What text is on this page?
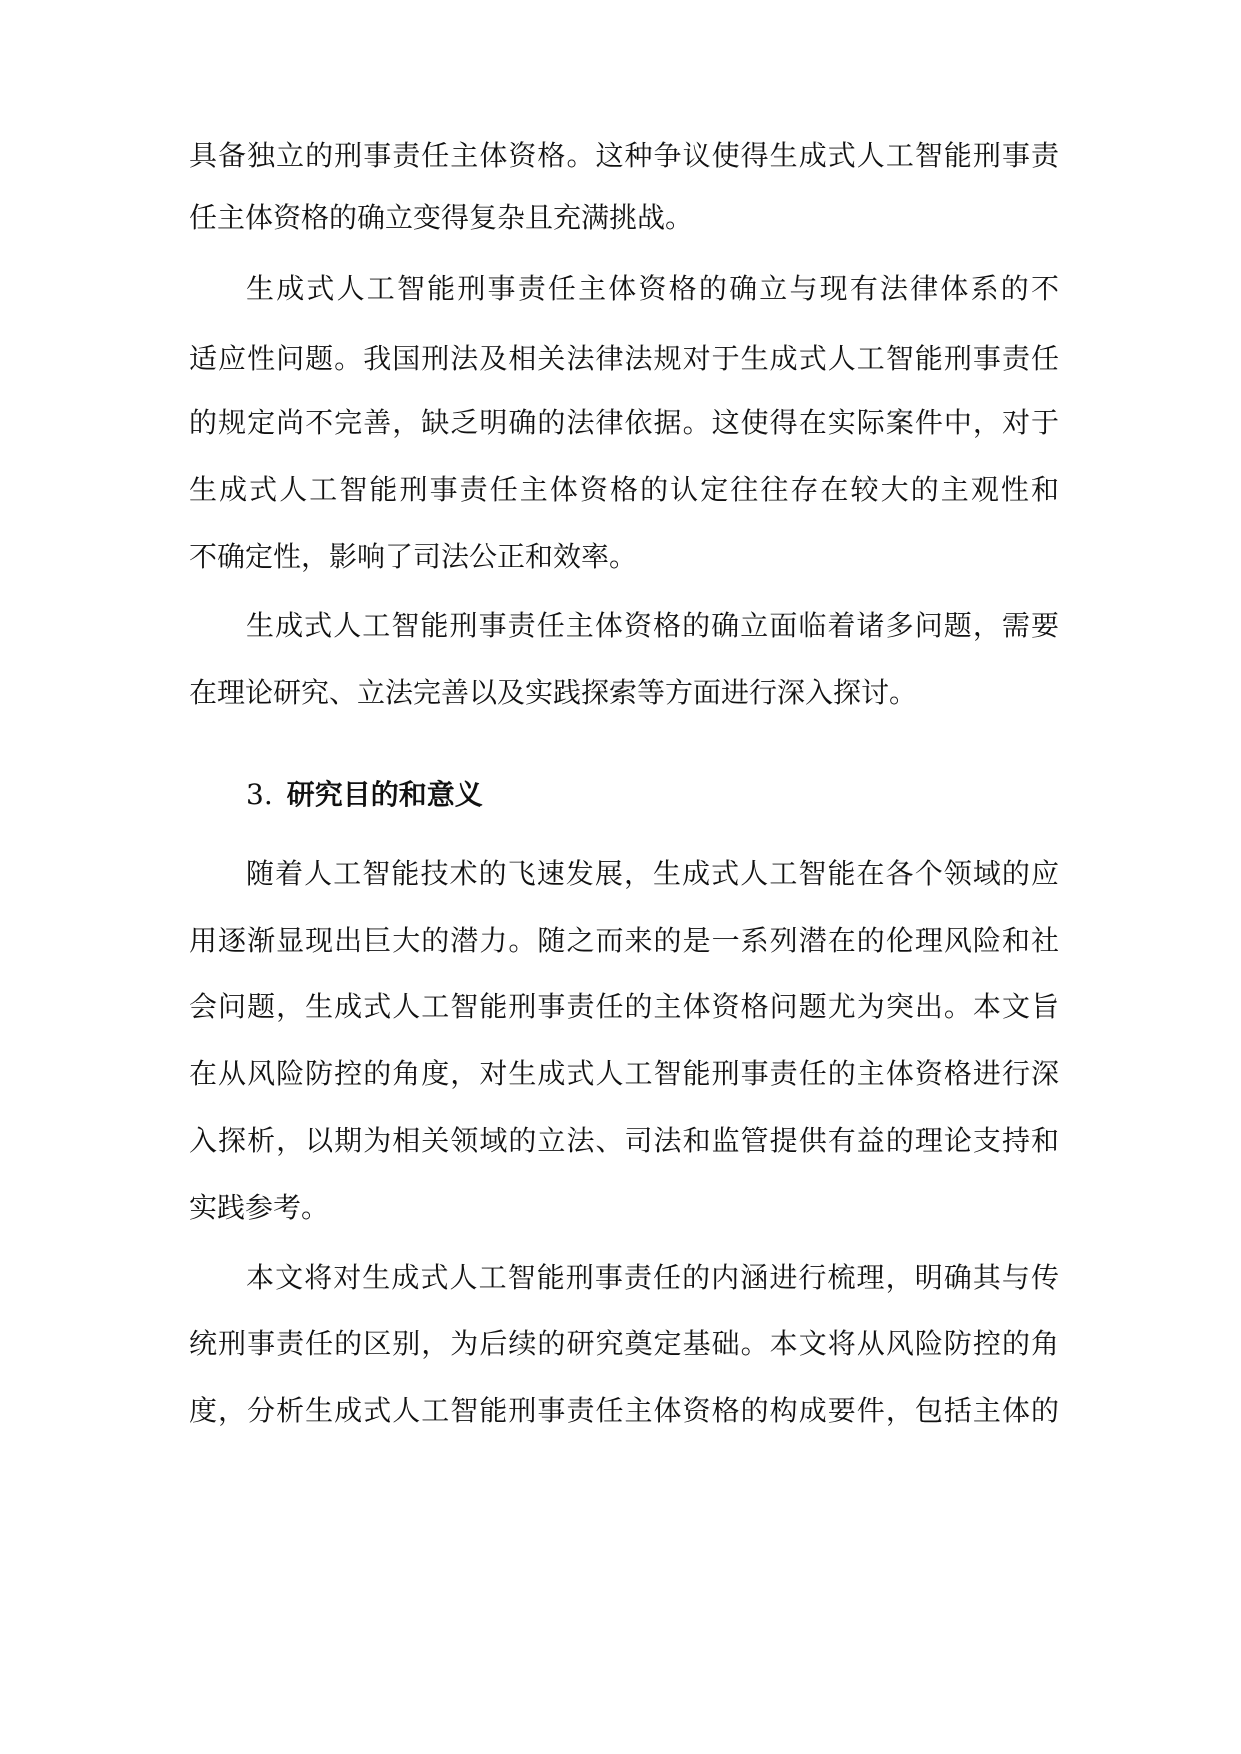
具备独立的刑事责任主体资格。这种争议使得生成式人工智能刑事责
任主体资格的确立变得复杂且充满挑战。
生成式人工智能刑事责任主体资格的确立与现有法律体系的不
适应性问题。我国刑法及相关法律法规对于生成式人工智能刑事责任
的规定尚不完善，缺乏明确的法律依据。这使得在实际案件中，对于
生成式人工智能刑事责任主体资格的认定往往存在较大的主观性和
不确定性，影响了司法公正和效率。
生成式人工智能刑事责任主体资格的确立面临着诸多问题，需要
在理论研究、立法完善以及实践探索等方面进行深入探讨。
3. 研究目的和意义
随着人工智能技术的飞速发展，生成式人工智能在各个领域的应
用逐渐显现出巨大的潜力。随之而来的是一系列潜在的伦理风险和社
会问题，生成式人工智能刑事责任的主体资格问题尤为突出。本文旨
在从风险防控的角度，对生成式人工智能刑事责任的主体资格进行深
入探析，以期为相关领域的立法、司法和监管提供有益的理论支持和
实践参考。
本文将对生成式人工智能刑事责任的内涵进行梳理，明确其与传
统刑事责任的区别，为后续的研究奠定基础。本文将从风险防控的角
度，分析生成式人工智能刑事责任主体资格的构成要件，包括主体的
